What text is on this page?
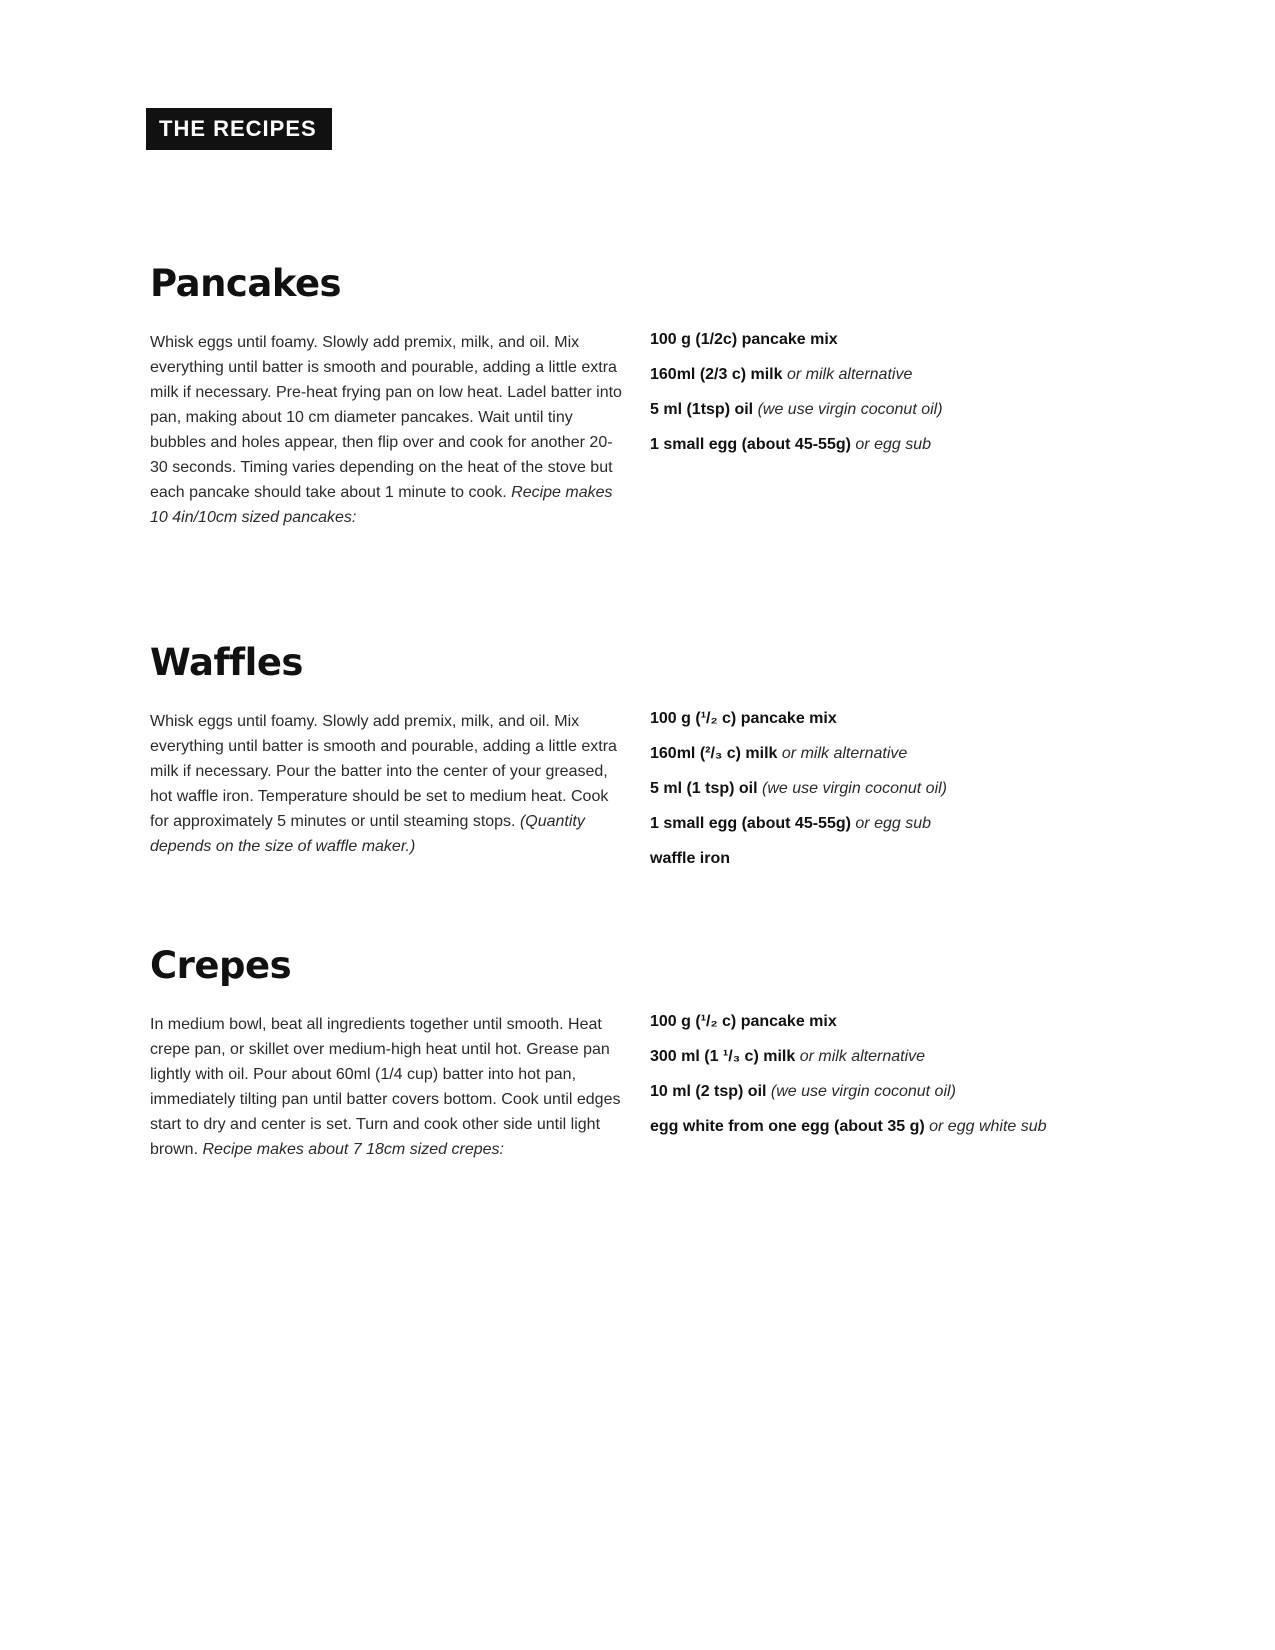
THE RECIPES
Pancakes
Whisk eggs until foamy. Slowly add premix, milk, and oil. Mix everything until batter is smooth and pourable, adding a little extra milk if necessary. Pre-heat frying pan on low heat. Ladel batter into pan, making about 10 cm diameter pancakes. Wait until tiny bubbles and holes appear, then flip over and cook for another 20-30 seconds. Timing varies depending on the heat of the stove but each pancake should take about 1 minute to cook. Recipe makes 10 4in/10cm sized pancakes:
100 g (1/2c) pancake mix
160ml (2/3 c) milk or milk alternative
5 ml (1tsp) oil (we use virgin coconut oil)
1 small egg (about 45-55g) or egg sub
Waffles
Whisk eggs until foamy. Slowly add premix, milk, and oil. Mix everything until batter is smooth and pourable, adding a little extra milk if necessary. Pour the batter into the center of your greased, hot waffle iron. Temperature should be set to medium heat. Cook for approximately 5 minutes or until steaming stops. (Quantity depends on the size of waffle maker.)
100 g (¹/₂ c) pancake mix
160ml (²/₃ c) milk or milk alternative
5 ml (1 tsp) oil (we use virgin coconut oil)
1 small egg (about 45-55g) or egg sub
waffle iron
Crepes
In medium bowl, beat all ingredients together until smooth. Heat crepe pan, or skillet over medium-high heat until hot. Grease pan lightly with oil. Pour about 60ml (1/4 cup) batter into hot pan, immediately tilting pan until batter covers bottom. Cook until edges start to dry and center is set. Turn and cook other side until light brown. Recipe makes about 7 18cm sized crepes:
100 g (¹/₂ c) pancake mix
300 ml (1 ¹/₃ c) milk or milk alternative
10 ml (2 tsp) oil (we use virgin coconut oil)
egg white from one egg (about 35 g) or egg white sub
